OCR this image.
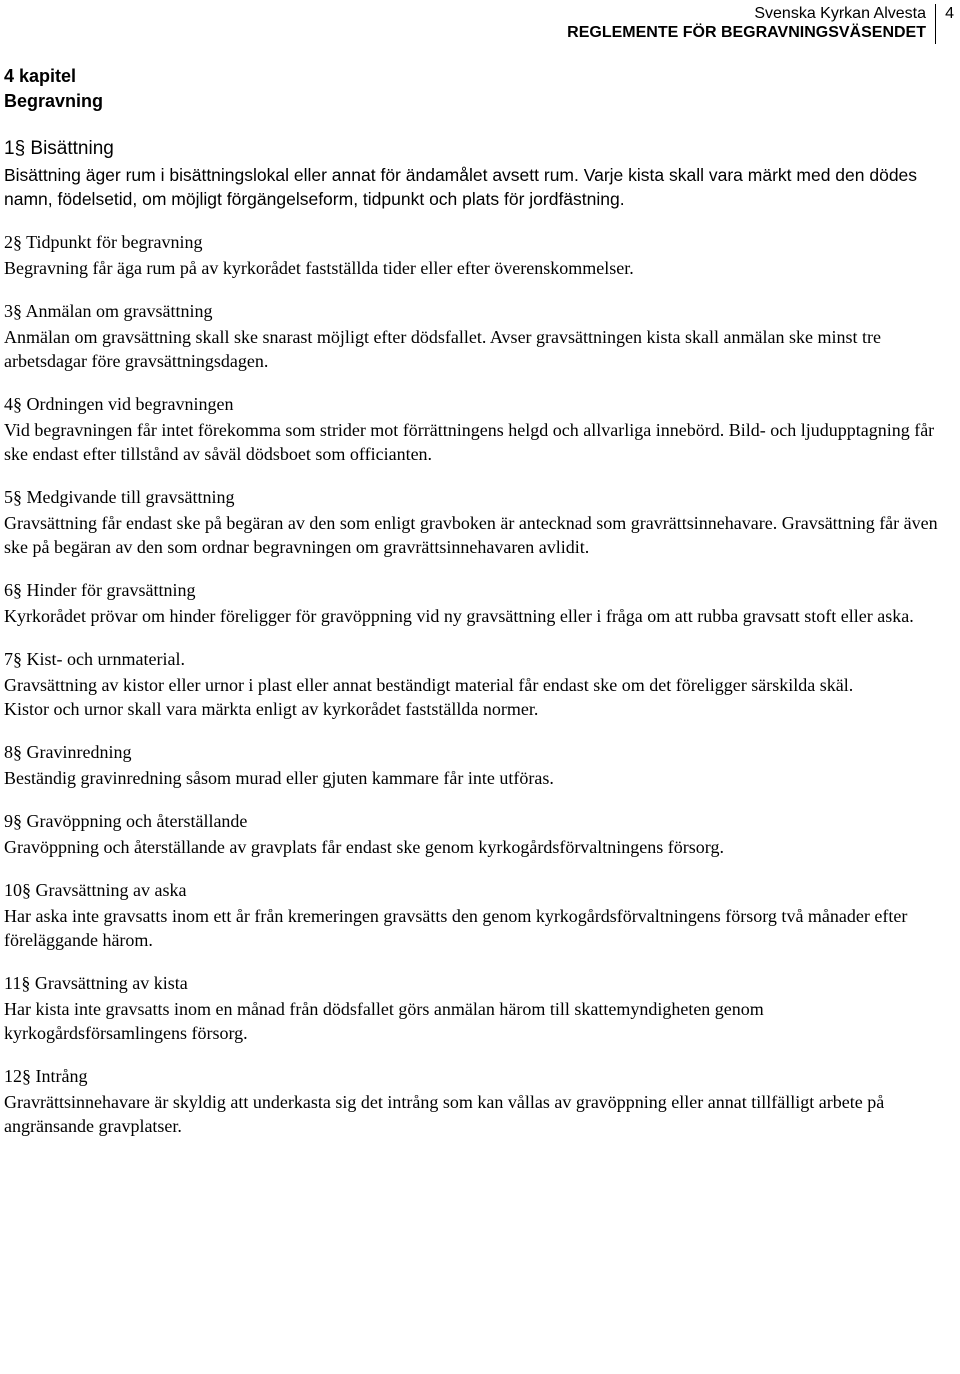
Svenska Kyrkan Alvesta
REGLEMENTE FÖR BEGRAVNINGSVÄSENDET
4
4 kapitel
Begravning
1§ Bisättning

Bisättning äger rum i bisättningslokal eller annat för ändamålet avsett rum. Varje kista skall vara märkt med den dödes namn, födelsetid, om möjligt förgängelseform, tidpunkt och plats för jordfästning.

2§ Tidpunkt för begravning

Begravning får äga rum på av kyrkorådet fastställda tider eller efter överenskommelser.

3§ Anmälan om gravsättning

Anmälan om gravsättning skall ske snarast möjligt efter dödsfallet. Avser gravsättningen kista skall anmälan ske minst tre arbetsdagar före gravsättningsdagen.

4§ Ordningen vid begravningen

Vid begravningen får intet förekomma som strider mot förrättningens helgd och allvarliga innebörd. Bild- och ljudupptagning får ske endast efter tillstånd av såväl dödsboet som officianten.

5§ Medgivande till gravsättning

Gravsättning får endast ske på begäran av den som enligt gravboken är antecknad som gravrättsinnehavare. Gravsättning får även ske på begäran av den som ordnar begravningen om gravrättsinnehavaren avlidit.

6§ Hinder för gravsättning

Kyrkorådet prövar om hinder föreligger för gravöppning vid ny gravsättning eller i fråga om att rubba gravsatt stoft eller aska.

7§ Kist- och urnmaterial.

Gravsättning av kistor eller urnor i plast eller annat beständigt material får endast ske om det föreligger särskilda skäl.

Kistor och urnor skall vara märkta enligt av kyrkorådet fastställda normer.

8§ Gravinredning

Beständig gravinredning såsom murad eller gjuten kammare får inte utföras.

9§ Gravöppning och återställande

Gravöppning och återställande av gravplats får endast ske genom kyrkogårdsförvaltningens försorg.

10§ Gravsättning av aska

Har aska inte gravsatts inom ett år från kremeringen gravsätts den genom kyrkogårdsförvaltningens försorg två månader efter föreläggande härom.

11§ Gravsättning av kista

Har kista inte gravsatts inom en månad från dödsfallet görs anmälan härom till skattemyndigheten genom kyrkogårdsförsamlingens försorg.

12§ Intrång

Gravrättsinnehavare är skyldig att underkasta sig det intrång som kan vållas av gravöppning eller annat tillfälligt arbete på angränsande gravplatser.
